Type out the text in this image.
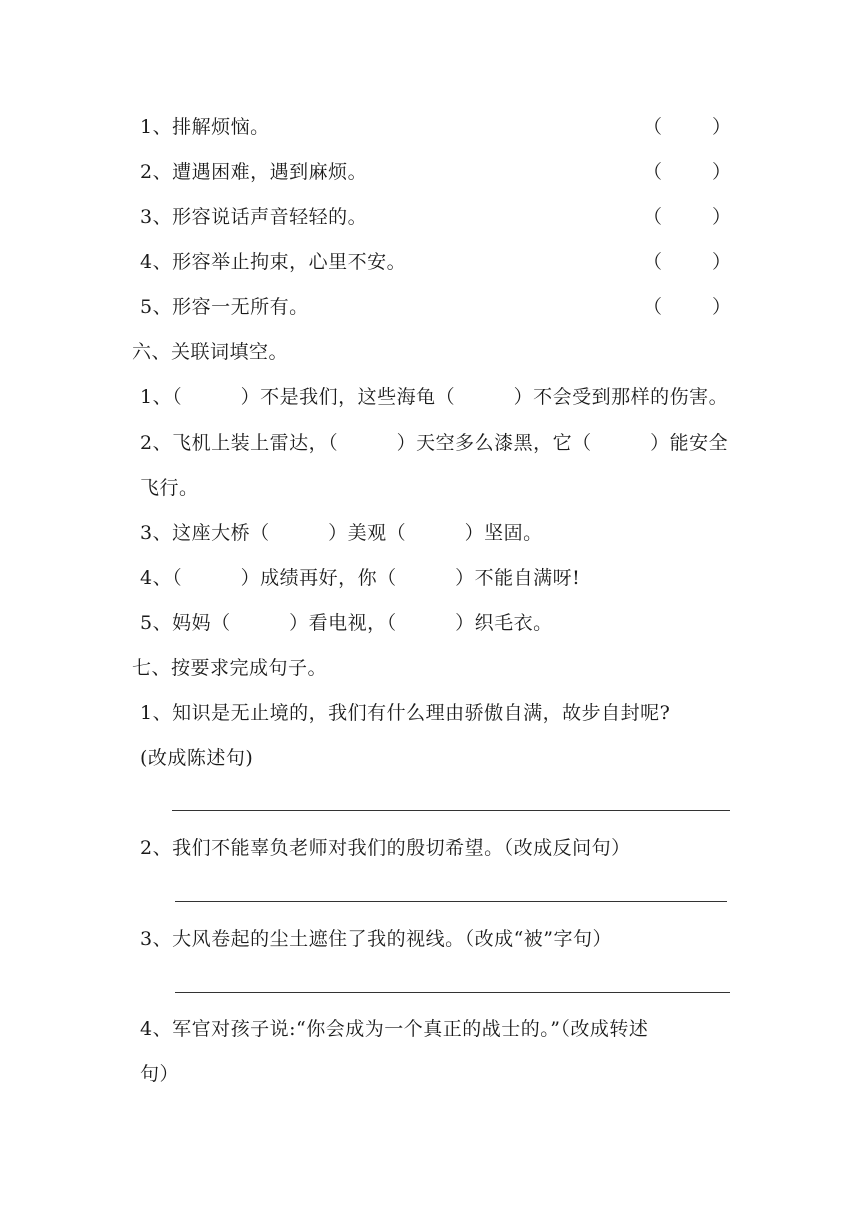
1、排解烦恼。	（	）
2、遭遇困难，遇到麻烦。	（	）
3、形容说话声音轻轻的。	（	）
4、形容举止拘束，心里不安。	（	）
5、形容一无所有。	（	）
六、关联词填空。
1、（　　　）不是我们，这些海龟（　　　）不会受到那样的伤害。
2、飞机上装上雷达，（　　　）天空多么漆黑，它（　　　）能安全
飞行。
3、这座大桥（　　　）美观（　　　）坚固。
4、（　　　）成绩再好，你（　　　）不能自满呀!
5、妈妈（　　　）看电视，（　　　）织毛衣。
七、按要求完成句子。
1、知识是无止境的，我们有什么理由骄傲自满，故步自封呢?
(改成陈述句)
2、我们不能辜负老师对我们的殷切希望。（改成反问句）
3、大风卷起的尘土遮住了我的视线。（改成“被”字句）
4、军官对孩子说:“你会成为一个真正的战士的。”（改成转述
句）
